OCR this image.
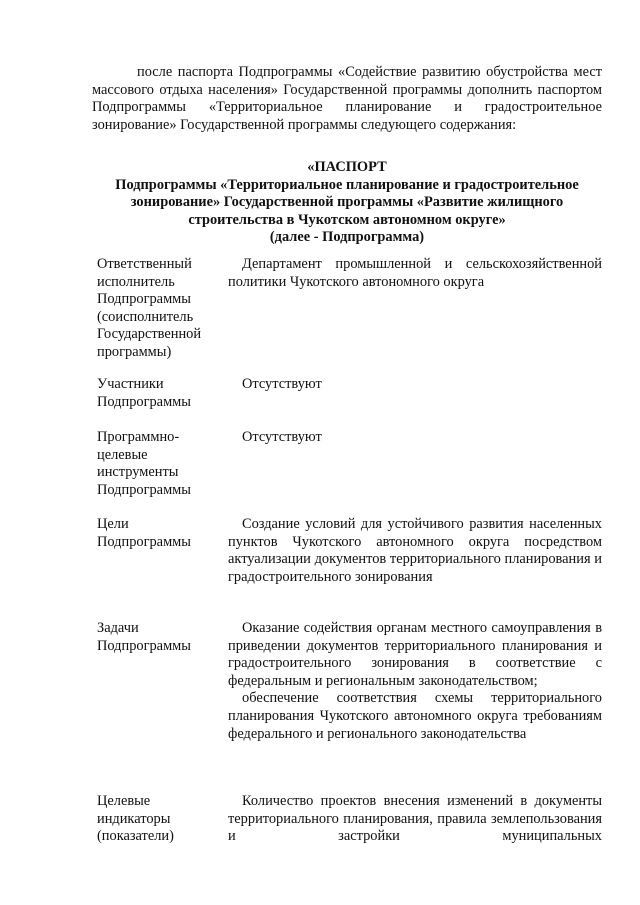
после паспорта Подпрограммы «Содействие развитию обустройства мест массового отдыха населения» Государственной программы дополнить паспортом Подпрограммы «Территориальное планирование и градостроительное зонирование» Государственной программы следующего содержания:

«ПАСПОРТ
Подпрограммы «Территориальное планирование и градостроительное зонирование» Государственной программы «Развитие жилищного строительства в Чукотском автономном округе»
(далее - Подпрограмма)
Ответственный
исполнитель
Подпрограммы
(соисполнитель
Государственной
программы)

Департамент промышленной и сельскохозяйственной политики Чукотского автономного округа

Участники
Подпрограммы

Отсутствуют

Программно-
целевые
инструменты
Подпрограммы

Отсутствуют

Цели
Подпрограммы

Создание условий для устойчивого развития населенных пунктов Чукотского автономного округа посредством актуализации документов территориального планирования и градостроительного зонирования

Задачи
Подпрограммы

Оказание содействия органам местного самоуправления в приведении документов территориального планирования и градостроительного зонирования в соответствие с федеральным и региональным законодательством;

обеспечение соответствия схемы территориального планирования Чукотского автономного округа требованиям федерального и регионального законодательства

Целевые
индикаторы
(показатели)

Количество проектов внесения изменений в документы территориального планирования, правила землепользования и застройки муниципальных
